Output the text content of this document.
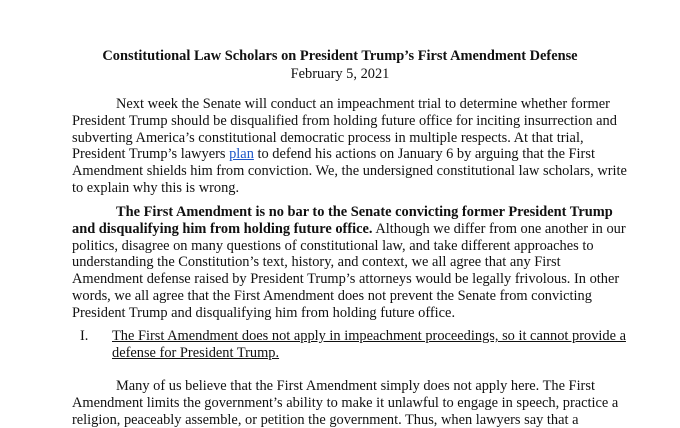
Constitutional Law Scholars on President Trump’s First Amendment Defense

February 5, 2021

Next week the Senate will conduct an impeachment trial to determine whether former
President Trump should be disqualified from holding future office for inciting insurrection and
subverting America’s constitutional democratic process in multiple respects. At that trial,
President Trump’s lawyers plan to defend his actions on January 6 by arguing that the First
Amendment shields him from conviction. We, the undersigned constitutional law scholars, write
to explain why this is wrong.
The First Amendment is no bar to the Senate convicting former President Trump
and disqualifying him from holding future office. Although we differ from one another in our
politics, disagree on many questions of constitutional law, and take different approaches to
understanding the Constitution’s text, history, and context, we all agree that any First
Amendment defense raised by President Trump’s attorneys would be legally frivolous. In other
words, we all agree that the First Amendment does not prevent the Senate from convicting
President Trump and disqualifying him from holding future office.
I. The First Amendment does not apply in impeachment proceedings, so it cannot provide a
defense for President Trump.
Many of us believe that the First Amendment simply does not apply here. The First
Amendment limits the government’s ability to make it unlawful to engage in speech, practice a
religion, peaceably assemble, or petition the government. Thus, when lawyers say that a
